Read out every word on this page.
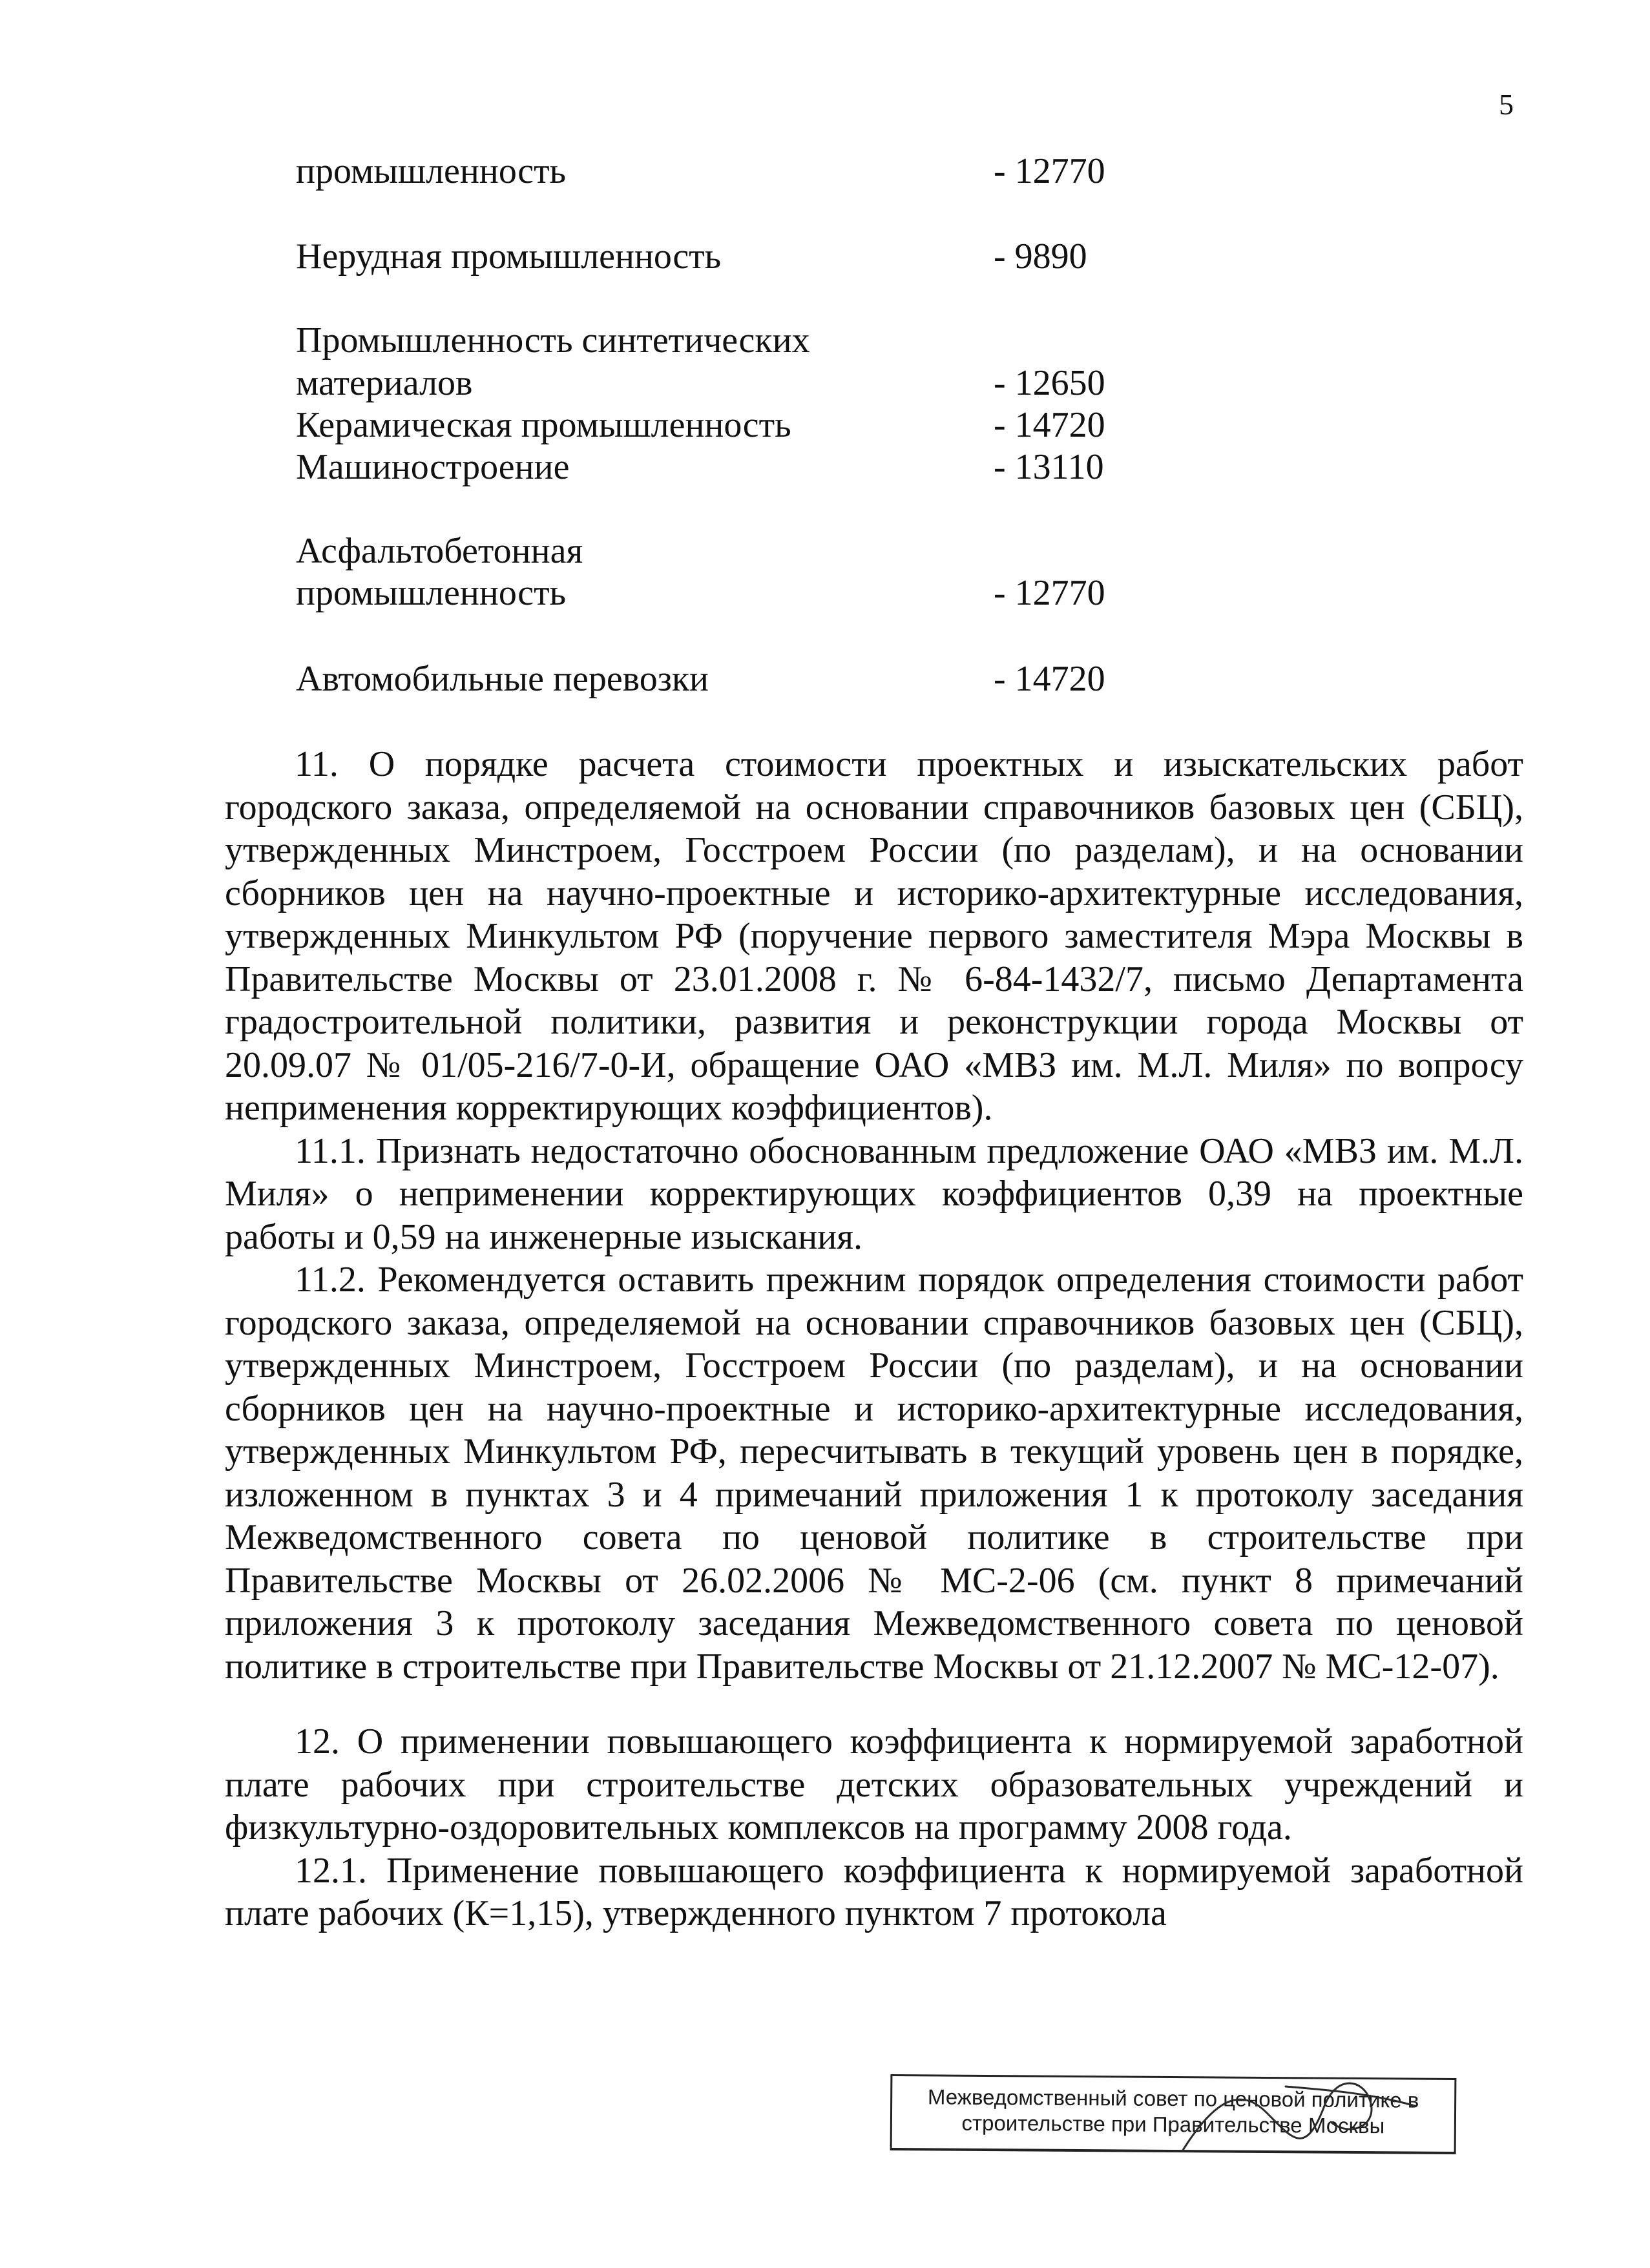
5
промышленность	- 12770
Нерудная промышленность	- 9890
Промышленность синтетических
материалов	- 12650
Керамическая промышленность	- 14720
Машиностроение	- 13110
Асфальтобетонная
промышленность	- 12770
Автомобильные перевозки	- 14720

11. О порядке расчета стоимости проектных и изыскательских работ городского заказа, определяемой на основании справочников базовых цен (СБЦ), утвержденных Минстроем, Госстроем России (по разделам), и на основании сборников цен на научно-проектные и историко-архитектурные исследования, утвержденных Минкультом РФ (поручение первого заместителя Мэра Москвы в Правительстве Москвы от 23.01.2008 г. № 6-84-1432/7, письмо Департамента градостроительной политики, развития и реконструкции города Москвы от 20.09.07 № 01/05-216/7-0-И, обращение ОАО «МВЗ им. М.Л. Миля» по вопросу неприменения корректирующих коэффициентов).

11.1. Признать недостаточно обоснованным предложение ОАО «МВЗ им. М.Л. Миля» о неприменении корректирующих коэффициентов 0,39 на проектные работы и 0,59 на инженерные изыскания.

11.2. Рекомендуется оставить прежним порядок определения стоимости работ городского заказа, определяемой на основании справочников базовых цен (СБЦ), утвержденных Минстроем, Госстроем России (по разделам), и на основании сборников цен на научно-проектные и историко-архитектурные исследования, утвержденных Минкультом РФ, пересчитывать в текущий уровень цен в порядке, изложенном в пунктах 3 и 4 примечаний приложения 1 к протоколу заседания Межведомственного совета по ценовой политике в строительстве при Правительстве Москвы от 26.02.2006 № МС-2-06 (см. пункт 8 примечаний приложения 3 к протоколу заседания Межведомственного совета по ценовой политике в строительстве при Правительстве Москвы от 21.12.2007 № МС-12-07).

12. О применении повышающего коэффициента к нормируемой заработной плате рабочих при строительстве детских образовательных учреждений и физкультурно-оздоровительных комплексов на программу 2008 года.

12.1. Применение повышающего коэффициента к нормируемой заработной плате рабочих (К=1,15), утвержденного пунктом 7 протокола

Межведомственный совет по ценовой политике в
строительстве при Правительстве Москвы
